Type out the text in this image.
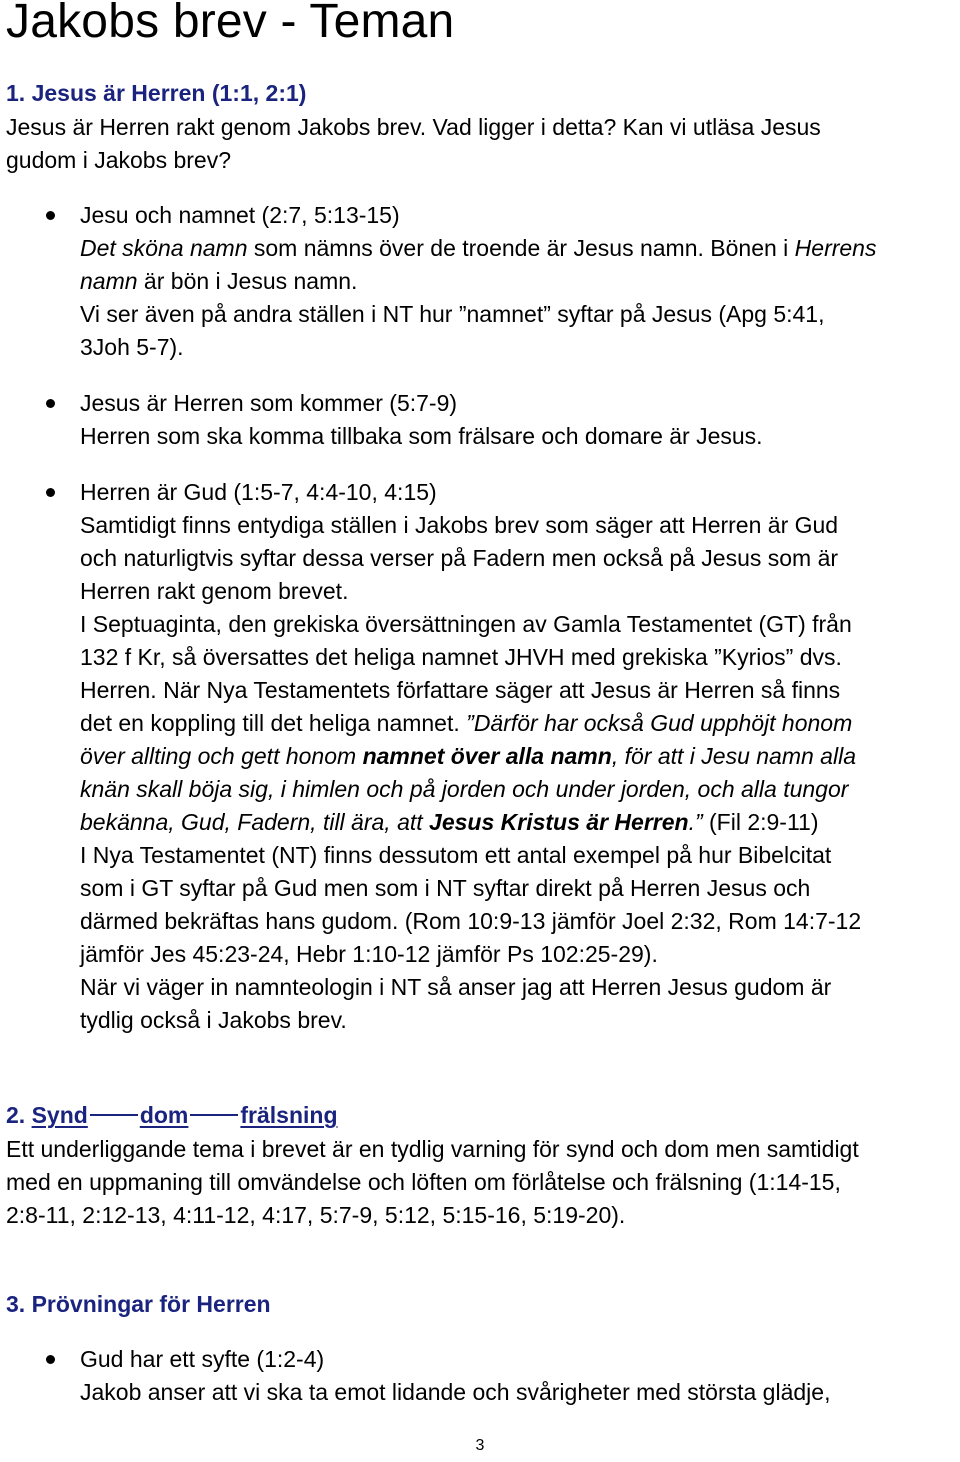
Jakobs brev - Teman
1. Jesus är Herren (1:1, 2:1)
Jesus är Herren rakt genom Jakobs brev. Vad ligger i detta? Kan vi utläsa Jesus
gudom i Jakobs brev?
Jesu och namnet (2:7, 5:13-15)
Det sköna namn som nämns över de troende är Jesus namn. Bönen i Herrens
namn är bön i Jesus namn.
Vi ser även på andra ställen i NT hur ”namnet” syftar på Jesus (Apg 5:41,
3Joh 5-7).
Jesus är Herren som kommer (5:7-9)
Herren som ska komma tillbaka som frälsare och domare är Jesus.
Herren är Gud (1:5-7, 4:4-10, 4:15)
Samtidigt finns entydiga ställen i Jakobs brev som säger att Herren är Gud
och naturligtvis syftar dessa verser på Fadern men också på Jesus som är
Herren rakt genom brevet.
I Septuaginta, den grekiska översättningen av Gamla Testamentet (GT) från
132 f Kr, så översattes det heliga namnet JHVH med grekiska ”Kyrios” dvs.
Herren. När Nya Testamentets författare säger att Jesus är Herren så finns
det en koppling till det heliga namnet. ”Därför har också Gud upphöjt honom
över allting och gett honom namnet över alla namn, för att i Jesu namn alla
knän skall böja sig, i himlen och på jorden och under jorden, och alla tungor
bekänna, Gud, Fadern, till ära, att Jesus Kristus är Herren.” (Fil 2:9-11)
I Nya Testamentet (NT) finns dessutom ett antal exempel på hur Bibelcitat
som i GT syftar på Gud men som i NT syftar direkt på Herren Jesus och
därmed bekräftas hans gudom. (Rom 10:9-13 jämför Joel 2:32, Rom 14:7-12
jämför Jes 45:23-24, Hebr 1:10-12 jämför Ps 102:25-29).
När vi väger in namnteologin i NT så anser jag att Herren Jesus gudom är
tydlig också i Jakobs brev.
2. Synd dom frälsning
Ett underliggande tema i brevet är en tydlig varning för synd och dom men samtidigt
med en uppmaning till omvändelse och löften om förlåtelse och frälsning (1:14-15,
2:8-11, 2:12-13, 4:11-12, 4:17, 5:7-9, 5:12, 5:15-16, 5:19-20).
3. Prövningar för Herren
Gud har ett syfte (1:2-4)
Jakob anser att vi ska ta emot lidande och svårigheter med största glädje,
3
